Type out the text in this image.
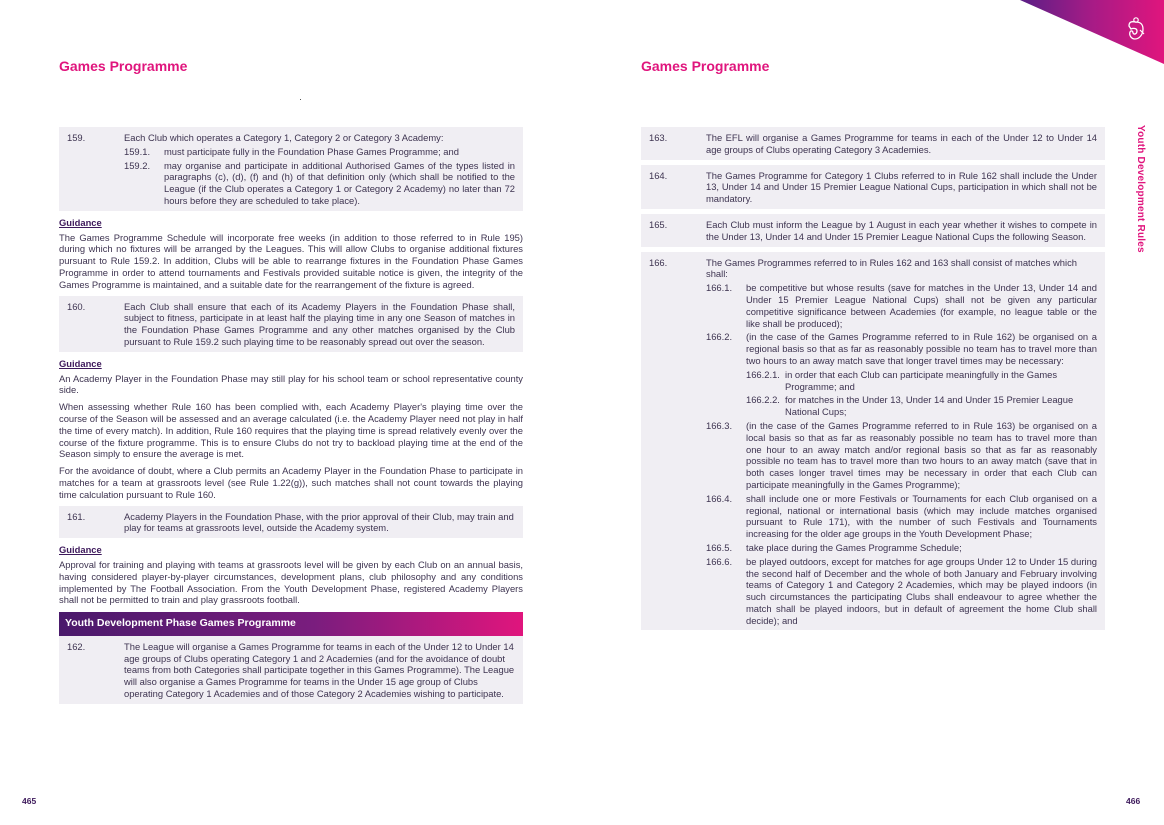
Games Programme
159.	Each Club which operates a Category 1, Category 2 or Category 3 Academy:
159.1. must participate fully in the Foundation Phase Games Programme; and
159.2. may organise and participate in additional Authorised Games of the types listed in paragraphs (c), (d), (f) and (h) of that definition only (which shall be notified to the League (if the Club operates a Category 1 or Category 2 Academy) no later than 72 hours before they are scheduled to take place).
Guidance

The Games Programme Schedule will incorporate free weeks (in addition to those referred to in Rule 195) during which no fixtures will be arranged by the Leagues. This will allow Clubs to organise additional fixtures pursuant to Rule 159.2. In addition, Clubs will be able to rearrange fixtures in the Foundation Phase Games Programme in order to attend tournaments and Festivals provided suitable notice is given, the integrity of the Games Programme is maintained, and a suitable date for the rearrangement of the fixture is agreed.

160.	Each Club shall ensure that each of its Academy Players in the Foundation Phase shall, subject to fitness, participate in at least half the playing time in any one Season of matches in the Foundation Phase Games Programme and any other matches organised by the Club pursuant to Rule 159.2 such playing time to be reasonably spread out over the season.
Guidance

An Academy Player in the Foundation Phase may still play for his school team or school representative county side.

When assessing whether Rule 160 has been complied with, each Academy Player's playing time over the course of the Season will be assessed and an average calculated (i.e. the Academy Player need not play in half the time of every match). In addition, Rule 160 requires that the playing time is spread relatively evenly over the course of the fixture programme. This is to ensure Clubs do not try to backload playing time at the end of the Season simply to ensure the average is met.

For the avoidance of doubt, where a Club permits an Academy Player in the Foundation Phase to participate in matches for a team at grassroots level (see Rule 1.22(g)), such matches shall not count towards the playing time calculation pursuant to Rule 160.

161.	Academy Players in the Foundation Phase, with the prior approval of their Club, may train and play for teams at grassroots level, outside the Academy system.
Guidance

Approval for training and playing with teams at grassroots level will be given by each Club on an annual basis, having considered player-by-player circumstances, development plans, club philosophy and any conditions implemented by The Football Association. From the Youth Development Phase, registered Academy Players shall not be permitted to train and play grassroots football.

Youth Development Phase Games Programme
162.	The League will organise a Games Programme for teams in each of the Under 12 to Under 14 age groups of Clubs operating Category 1 and 2 Academies (and for the avoidance of doubt teams from both Categories shall participate together in this Games Programme). The League will also organise a Games Programme for teams in the Under 15 age group of Clubs operating Category 1 Academies and of those Category 2 Academies wishing to participate.
465
Games Programme
163.	The EFL will organise a Games Programme for teams in each of the Under 12 to Under 14 age groups of Clubs operating Category 3 Academies.
164.	The Games Programme for Category 1 Clubs referred to in Rule 162 shall include the Under 13, Under 14 and Under 15 Premier League National Cups, participation in which shall not be mandatory.
165.	Each Club must inform the League by 1 August in each year whether it wishes to compete in the Under 13, Under 14 and Under 15 Premier League National Cups the following Season.
166.	The Games Programmes referred to in Rules 162 and 163 shall consist of matches which shall:
166.1. be competitive but whose results (save for matches in the Under 13, Under 14 and Under 15 Premier League National Cups) shall not be given any particular competitive significance between Academies (for example, no league table or the like shall be produced);
166.2. (in the case of the Games Programme referred to in Rule 162) be organised on a regional basis so that as far as reasonably possible no team has to travel more than two hours to an away match save that longer travel times may be necessary:
166.2.1. in order that each Club can participate meaningfully in the Games Programme; and
166.2.2. for matches in the Under 13, Under 14 and Under 15 Premier League National Cups;
166.3. (in the case of the Games Programme referred to in Rule 163) be organised on a local basis so that as far as reasonably possible no team has to travel more than one hour to an away match and/or regional basis so that as far as reasonably possible no team has to travel more than two hours to an away match (save that in both cases longer travel times may be necessary in order that each Club can participate meaningfully in the Games Programme);
166.4. shall include one or more Festivals or Tournaments for each Club organised on a regional, national or international basis (which may include matches organised pursuant to Rule 171), with the number of such Festivals and Tournaments increasing for the older age groups in the Youth Development Phase;
166.5. take place during the Games Programme Schedule;
166.6. be played outdoors, except for matches for age groups Under 12 to Under 15 during the second half of December and the whole of both January and February involving teams of Category 1 and Category 2 Academies, which may be played indoors (in such circumstances the participating Clubs shall endeavour to agree whether the match shall be played indoors, but in default of agreement the home Club shall decide); and
Youth Development Rules
466
